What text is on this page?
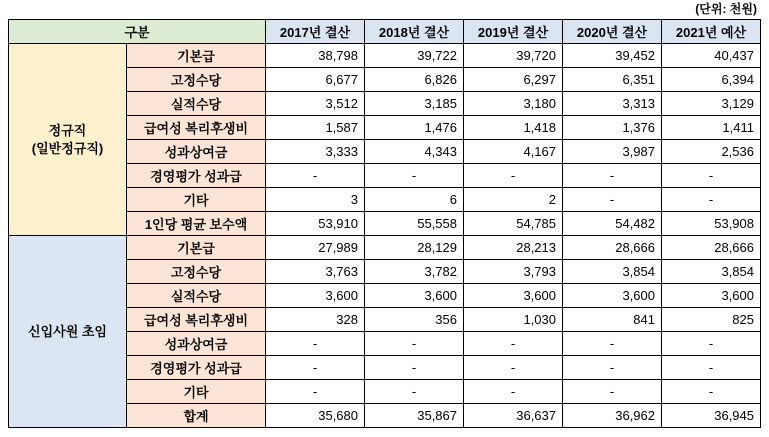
(단위: 천원)
구분		2017년 결산	2018년 결산	2019년 결산	2020년 결산	2021년 예산
정규직
(일반정규직)	기본급	38,798	39,722	39,720	39,452	40,437
	고정수당	6,677	6,826	6,297	6,351	6,394
	실적수당	3,512	3,185	3,180	3,313	3,129
	급여성 복리후생비	1,587	1,476	1,418	1,376	1,411
	성과상여금	3,333	4,343	4,167	3,987	2,536
	경영평가 성과급	-	-	-	-	-
	기타	3	6	2	-	-
	1인당 평균 보수액	53,910	55,558	54,785	54,482	53,908
신입사원 초임	기본급	27,989	28,129	28,213	28,666	28,666
	고정수당	3,763	3,782	3,793	3,854	3,854
	실적수당	3,600	3,600	3,600	3,600	3,600
	급여성 복리후생비	328	356	1,030	841	825
	성과상여금	-	-	-	-	-
	경영평가 성과급	-	-	-	-	-
	기타	-	-	-	-	-
	합계	35,680	35,867	36,637	36,962	36,945
